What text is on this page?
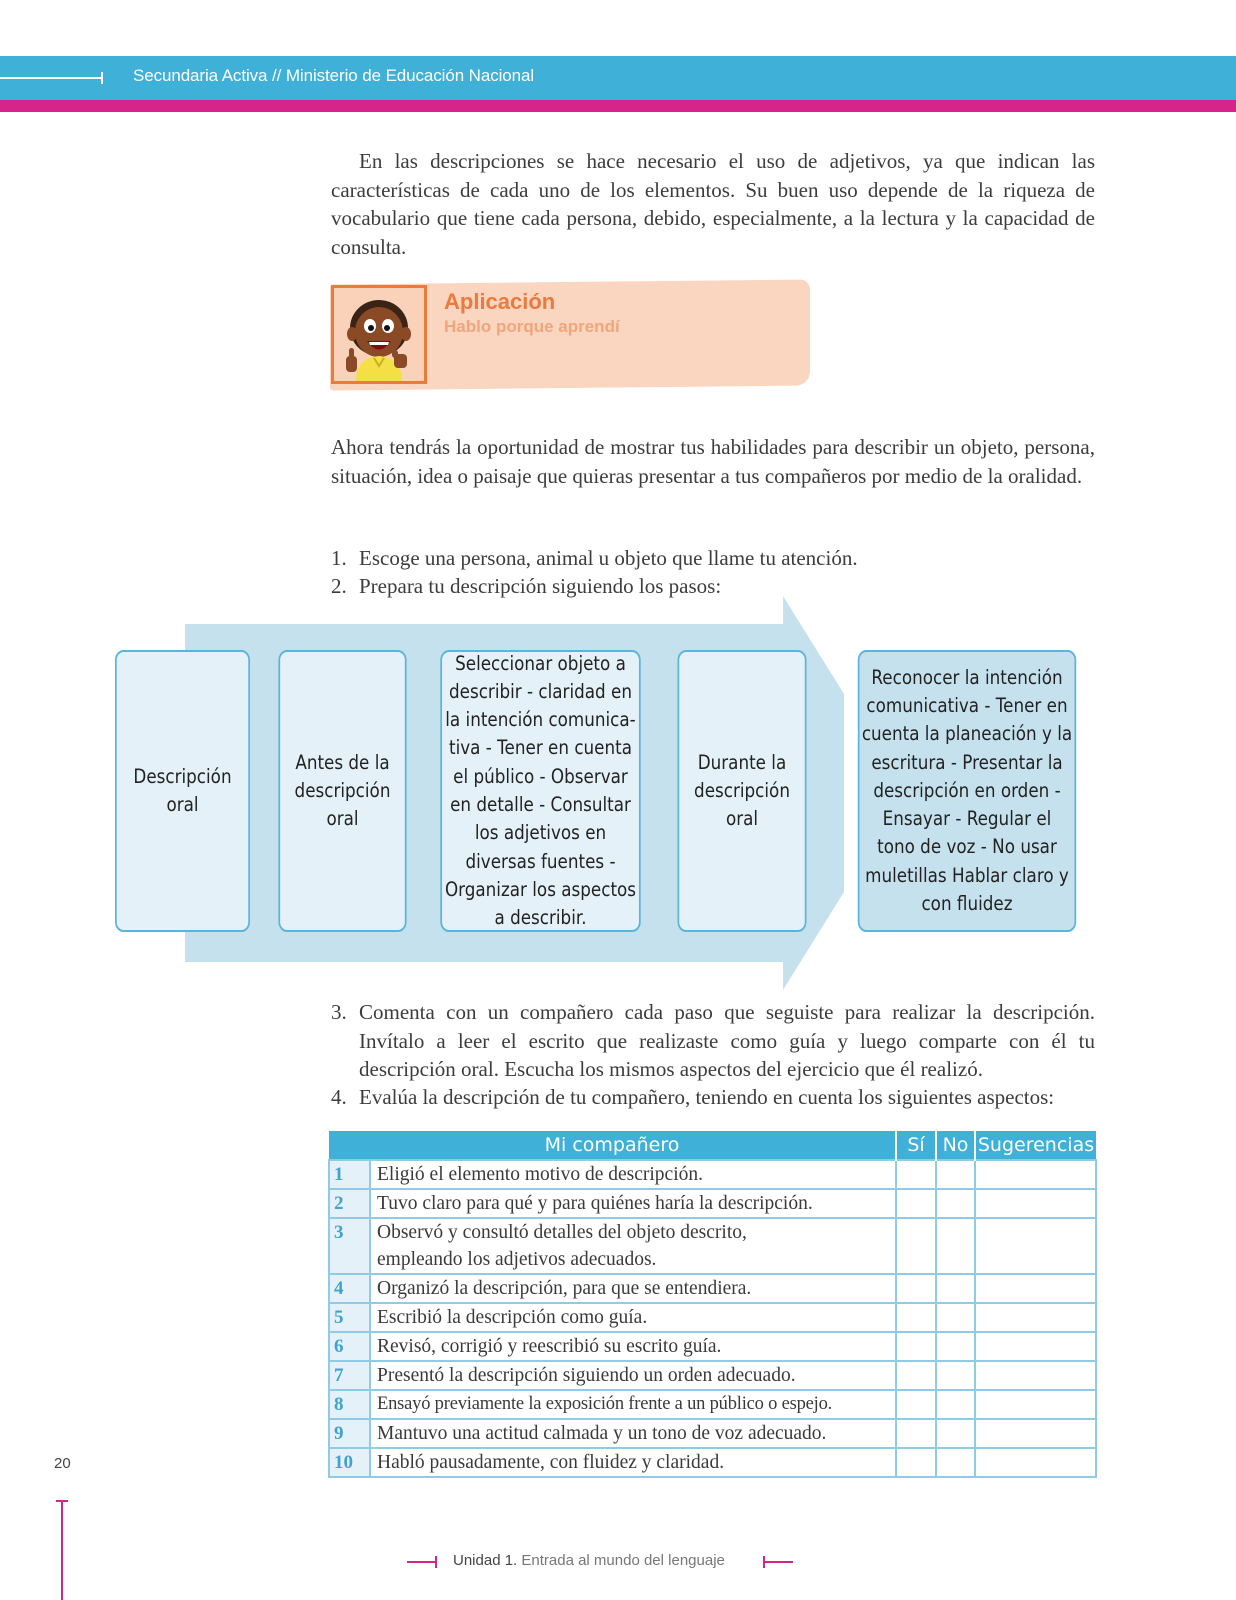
Secundaria Activa // Ministerio de Educación Nacional

En las descripciones se hace necesario el uso de adjetivos, ya que indican las características de cada uno de los elementos. Su buen uso depende de la riqueza de vocabulario que tiene cada persona, debido, especialmente, a la lectura y la capacidad de consulta.

Aplicación
Hablo porque aprendí

Ahora tendrás la oportunidad de mostrar tus habilidades para describir un objeto, persona, situación, idea o paisaje que quieras presentar a tus compañeros por medio de la oralidad.

1. Escoge una persona, animal u objeto que llame tu atención.
2. Prepara tu descripción siguiendo los pasos:
Descripción oral
Antes de la descripción oral
Seleccionar objeto a describir - claridad en la intención comunica-tiva - Tener en cuenta el público - Observar en detalle - Consultar los adjetivos en diversas fuentes - Organizar los aspectos a describir.
Durante la descripción oral
Reconocer la intención comunicativa - Tener en cuenta la planeación y la escritura - Presentar la descripción en orden - Ensayar - Regular el tono de voz - No usar muletillas Hablar claro y con fluidez
3. Comenta con un compañero cada paso que seguiste para realizar la descripción. Invítalo a leer el escrito que realizaste como guía y luego comparte con él tu descripción oral. Escucha los mismos aspectos del ejercicio que él realizó.
4. Evalúa la descripción de tu compañero, teniendo en cuenta los siguientes aspectos:
Mi compañero		Sí	No	Sugerencias
1	Eligió el elemento motivo de descripción.			
2	Tuvo claro para qué y para quiénes haría la descripción.			
3	Observó y consultó detalles del objeto descrito, empleando los adjetivos adecuados.			
4	Organizó la descripción, para que se entendiera.			
5	Escribió la descripción como guía.			
6	Revisó, corrigió y reescribió su escrito guía.			
7	Presentó la descripción siguiendo un orden adecuado.			
8	Ensayó previamente la exposición frente a un público o espejo.			
9	Mantuvo una actitud calmada y un tono de voz adecuado.			
10	Habló pausadamente, con fluidez y claridad.			
20
Unidad 1. Entrada al mundo del lenguaje
